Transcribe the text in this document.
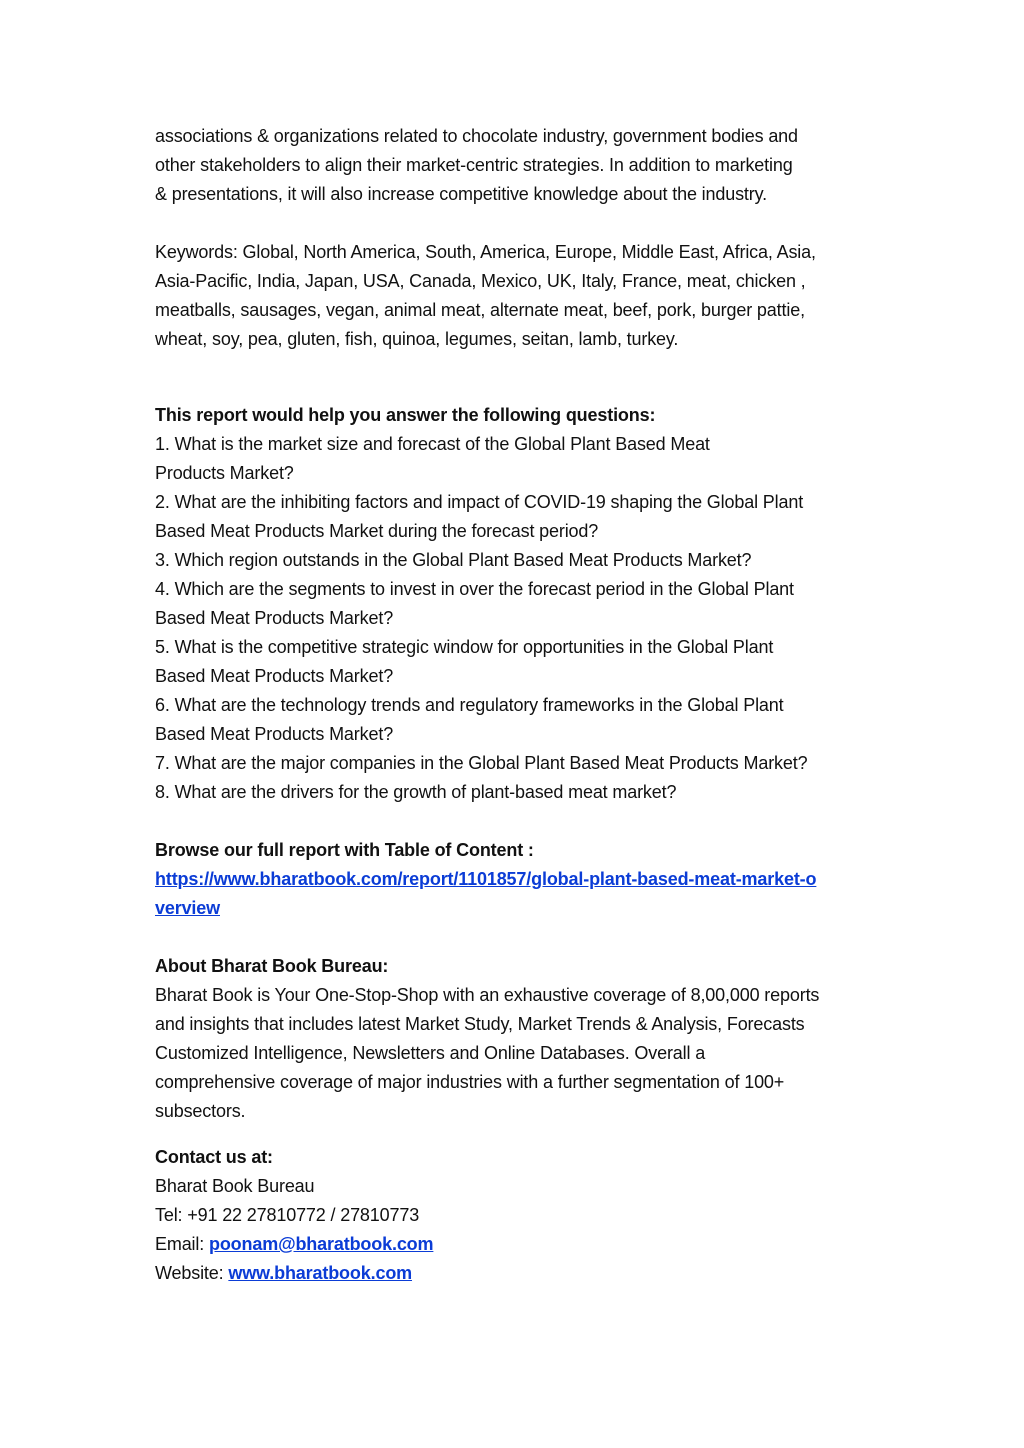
associations & organizations related to chocolate industry, government bodies and
other stakeholders to align their market-centric strategies. In addition to marketing
& presentations, it will also increase competitive knowledge about the industry.
Keywords: Global, North America, South, America, Europe, Middle East, Africa, Asia,
Asia-Pacific, India, Japan, USA, Canada, Mexico, UK, Italy, France, meat, chicken ,
meatballs, sausages, vegan, animal meat, alternate meat, beef, pork, burger pattie,
wheat, soy, pea, gluten, fish, quinoa, legumes, seitan, lamb, turkey.
This report would help you answer the following questions:
1. What is the market size and forecast of the Global Plant Based Meat
Products Market?
2. What are the inhibiting factors and impact of COVID-19 shaping the Global Plant
Based Meat Products Market during the forecast period?
3. Which region outstands in the Global Plant Based Meat Products Market?
4. Which are the segments to invest in over the forecast period in the Global Plant
Based Meat Products Market?
5. What is the competitive strategic window for opportunities in the Global Plant
Based Meat Products Market?
6. What are the technology trends and regulatory frameworks in the Global Plant
Based Meat Products Market?
7. What are the major companies in the Global Plant Based Meat Products Market?
8. What are the drivers for the growth of plant-based meat market?
Browse our full report with Table of Content :
https://www.bharatbook.com/report/1101857/global-plant-based-meat-market-o
verview
About Bharat Book Bureau:
Bharat Book is Your One-Stop-Shop with an exhaustive coverage of 8,00,000 reports
and insights that includes latest Market Study, Market Trends & Analysis, Forecasts
Customized Intelligence, Newsletters and Online Databases. Overall a
comprehensive coverage of major industries with a further segmentation of 100+
subsectors.
Contact us at:
Bharat Book Bureau
Tel: +91 22 27810772 / 27810773
Email: poonam@bharatbook.com
Website: www.bharatbook.com
